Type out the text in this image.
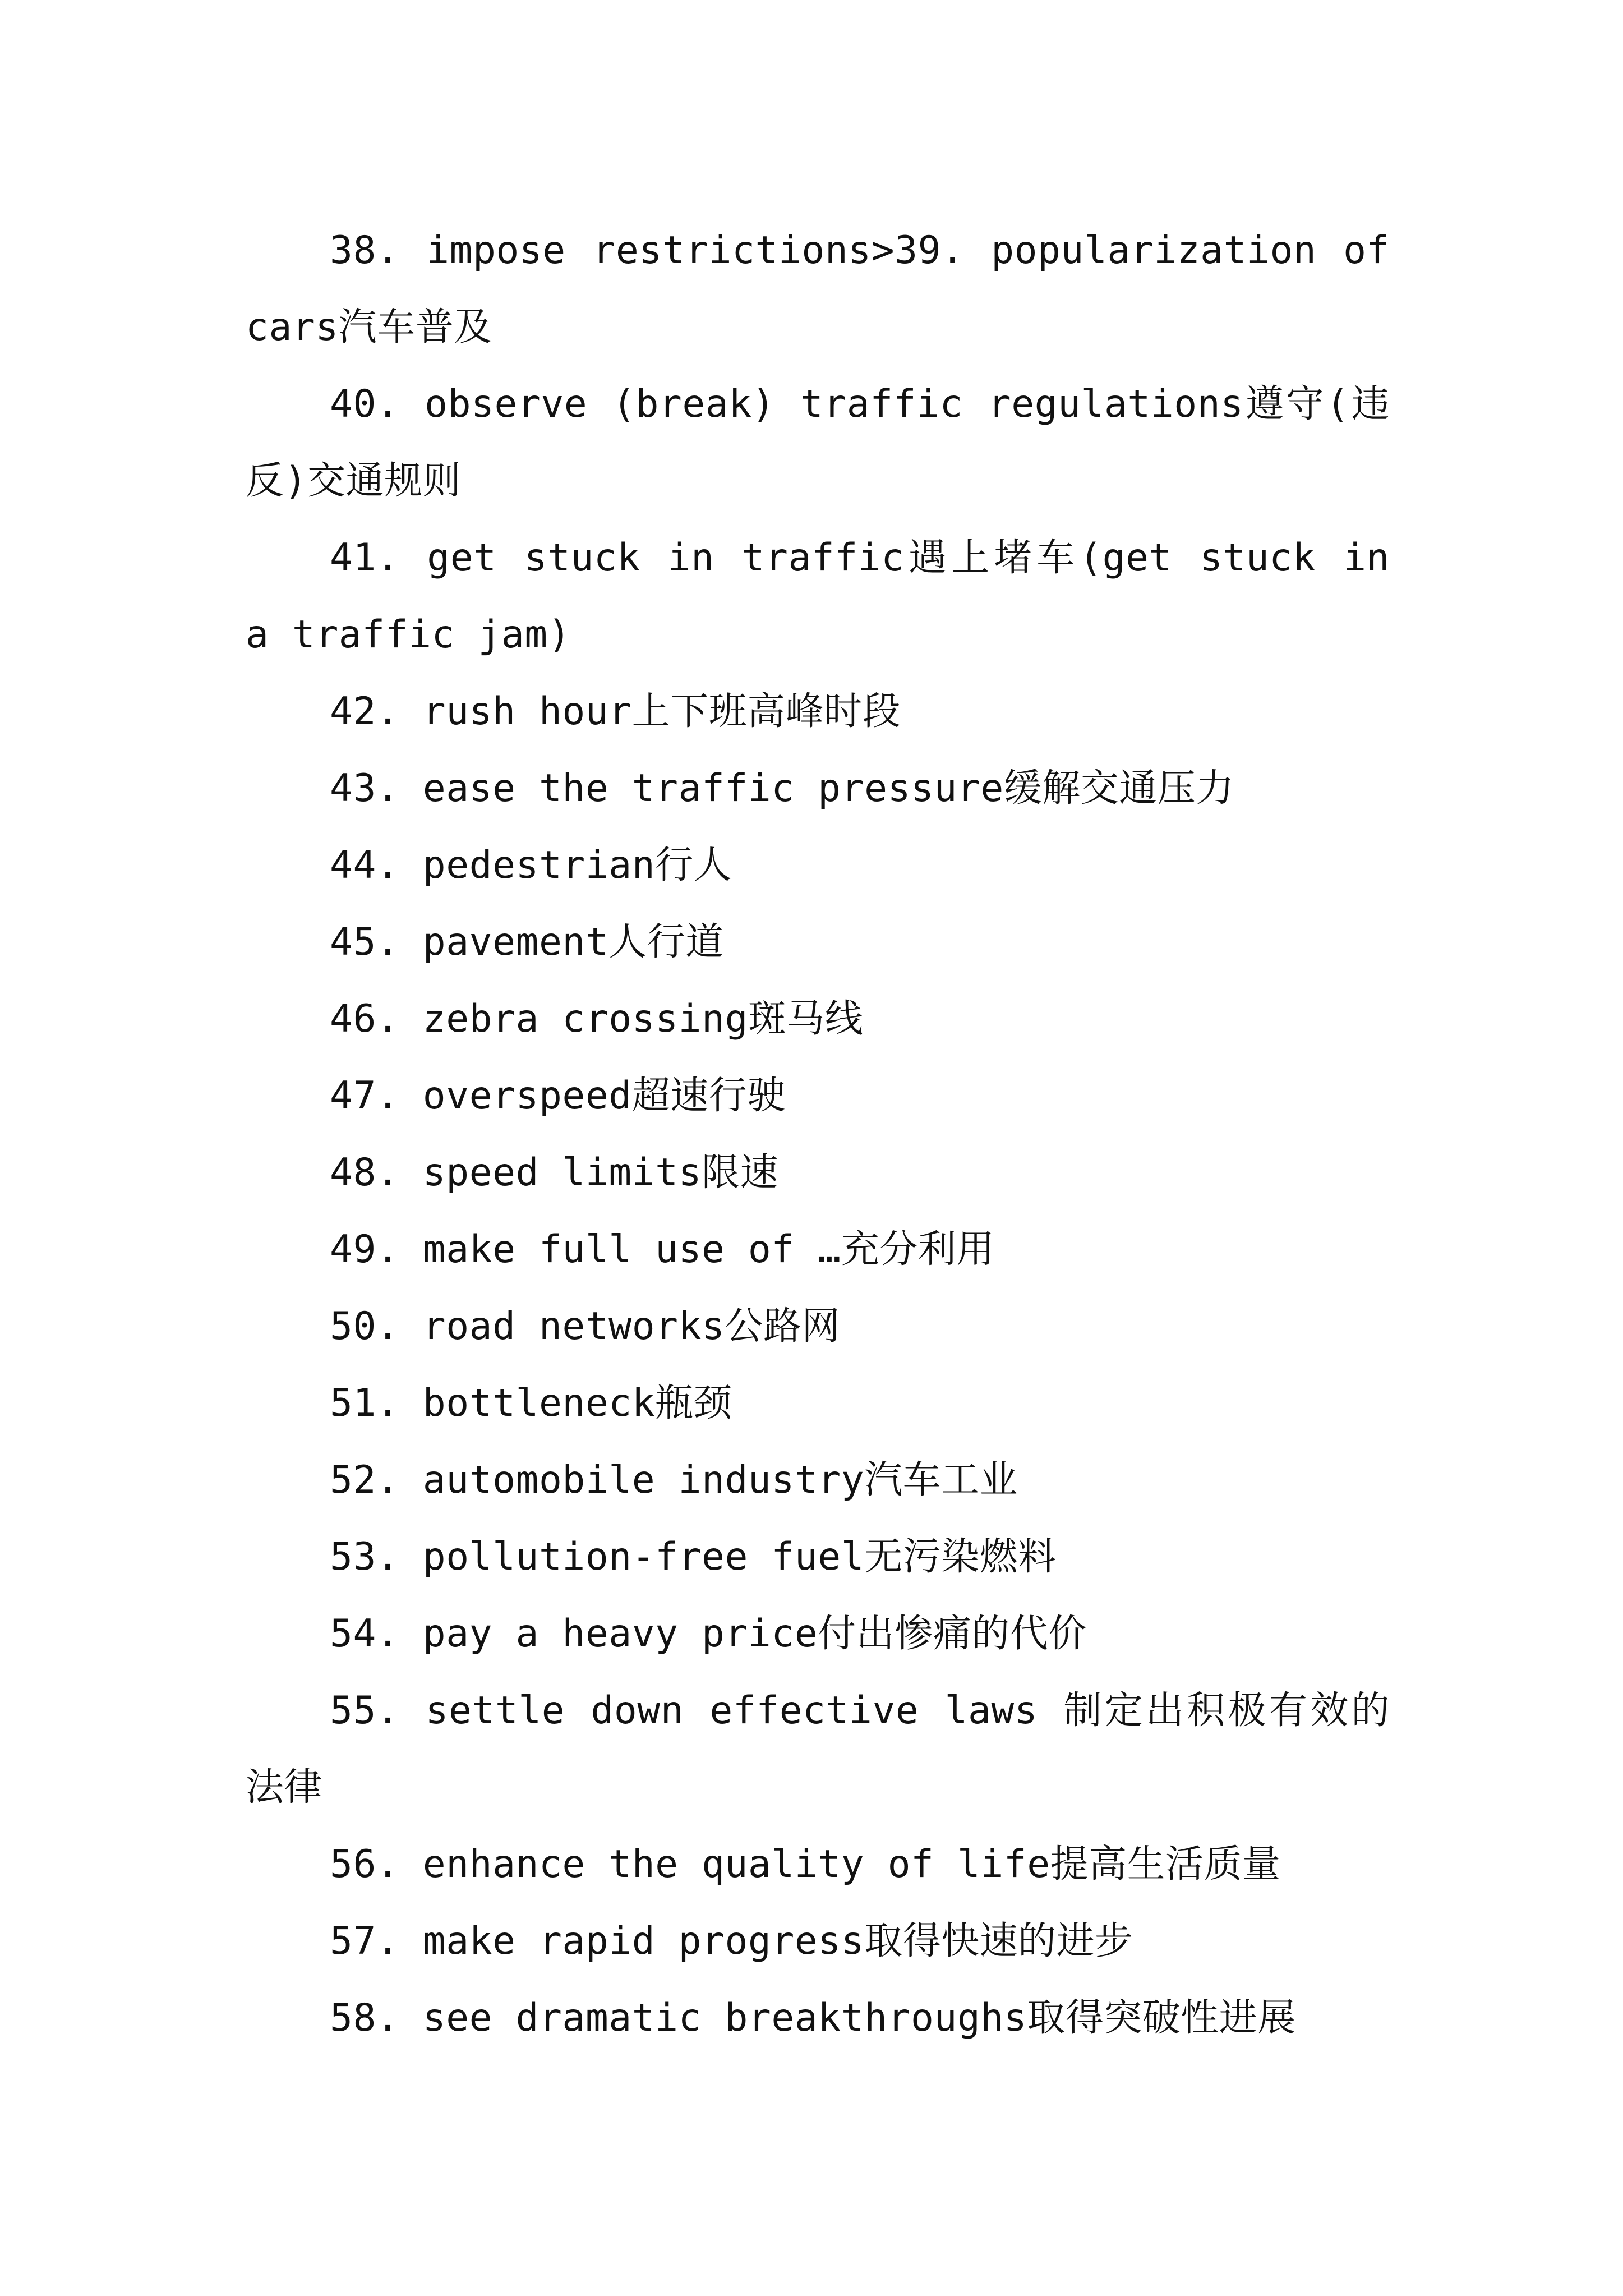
38. impose restrictions>39. popularization of cars汽车普及

40. observe (break) traffic regulations遵守(违反)交通规则

41. get stuck in traffic遇上堵车(get stuck in a traffic jam)

42. rush hour上下班高峰时段

43. ease the traffic pressure缓解交通压力

44. pedestrian行人

45. pavement人行道

46. zebra crossing斑马线

47. overspeed超速行驶

48. speed limits限速

49. make full use of …充分利用

50. road networks公路网

51. bottleneck瓶颈

52. automobile industry汽车工业

53. pollution-free fuel无污染燃料

54. pay a heavy price付出惨痛的代价

55. settle down effective laws 制定出积极有效的法律

56. enhance the quality of life提高生活质量

57. make rapid progress取得快速的进步

58. see dramatic breakthroughs取得突破性进展
